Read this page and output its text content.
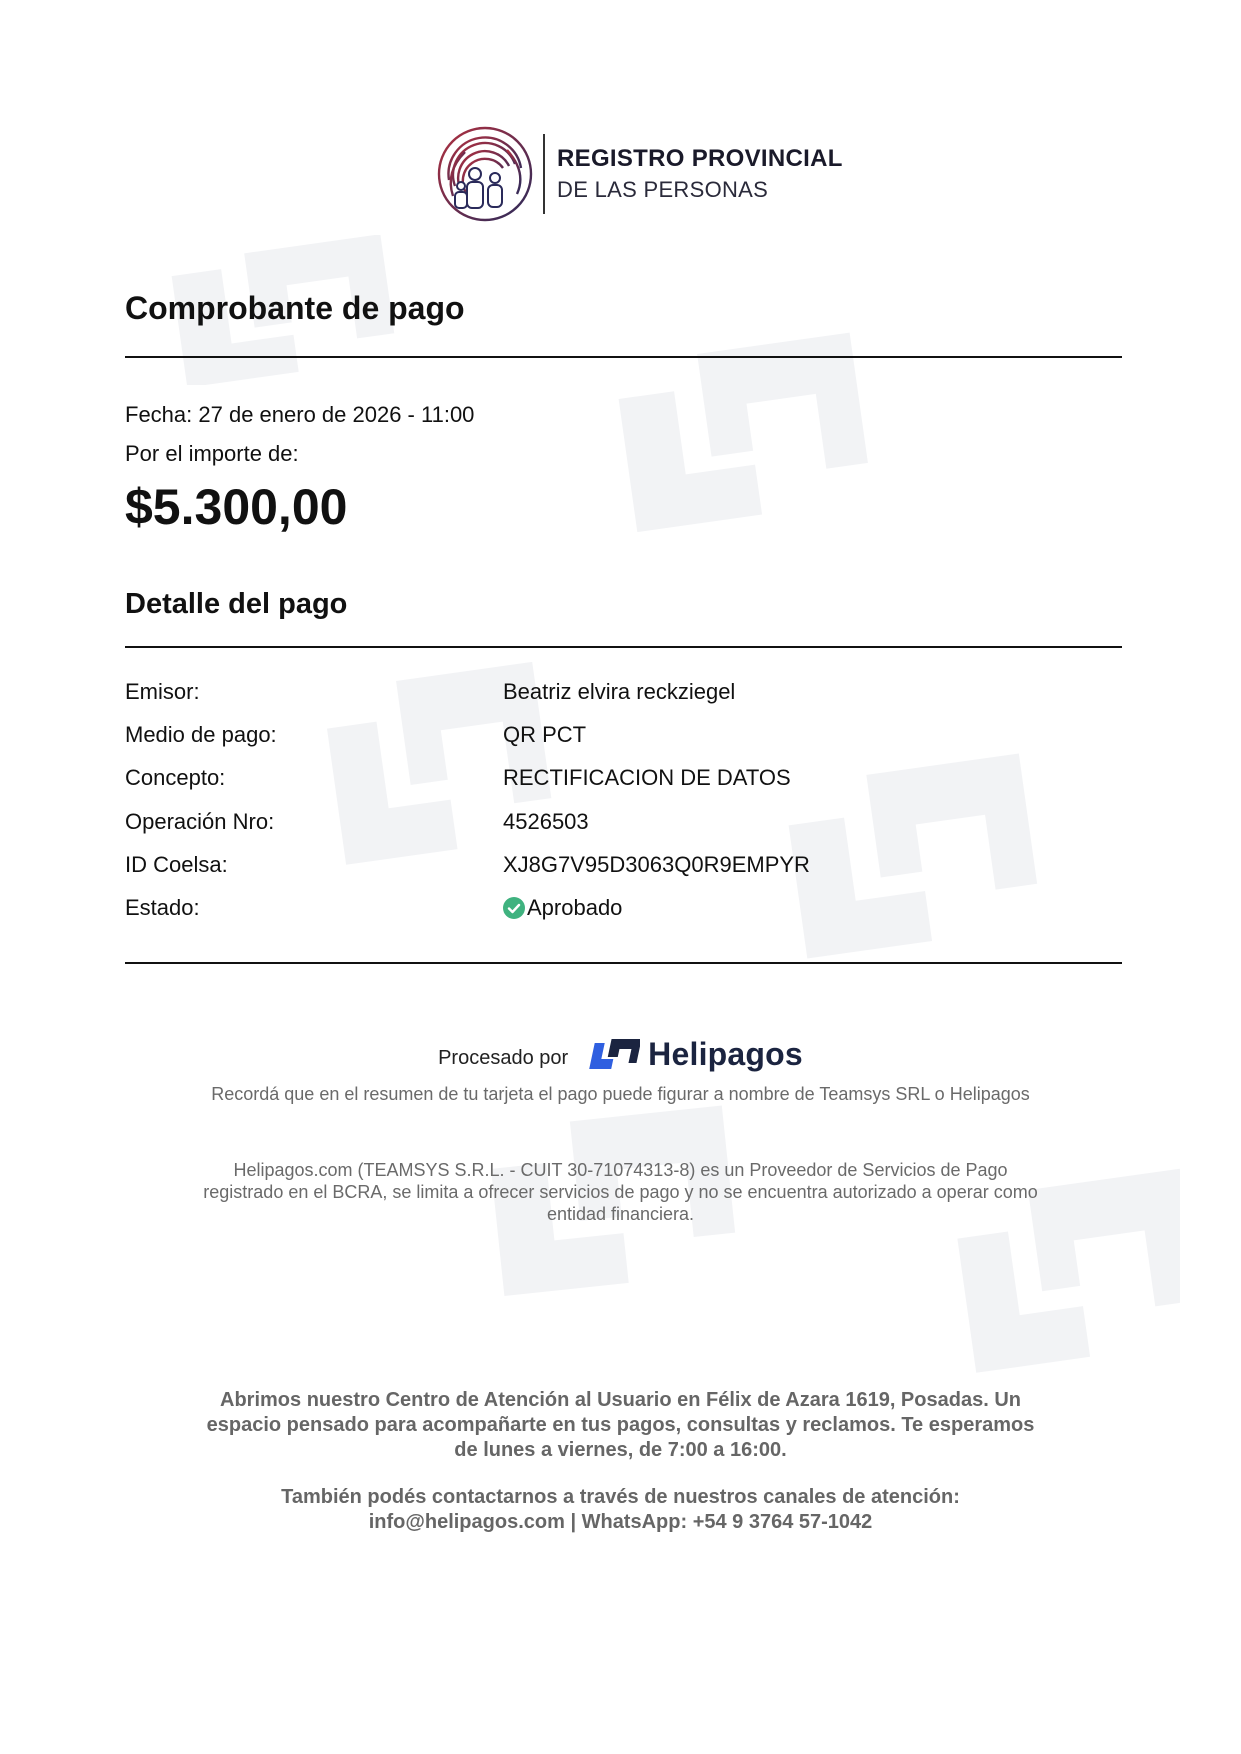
REGISTRO PROVINCIAL
DE LAS PERSONAS
Comprobante de pago
Fecha: 27 de enero de 2026 - 11:00
Por el importe de:
$5.300,00
Detalle del pago
Emisor:	Beatriz elvira reckziegel
Medio de pago:	QR PCT
Concepto:	RECTIFICACION DE DATOS
Operación Nro:	4526503
ID Coelsa:	XJ8G7V95D3063Q0R9EMPYR
Estado:	Aprobado
Procesado por	Helipagos
Recordá que en el resumen de tu tarjeta el pago puede figurar a nombre de Teamsys SRL o Helipagos
Helipagos.com (TEAMSYS S.R.L. - CUIT 30-71074313-8) es un Proveedor de Servicios de Pago registrado en el BCRA, se limita a ofrecer servicios de pago y no se encuentra autorizado a operar como entidad financiera.
Abrimos nuestro Centro de Atención al Usuario en Félix de Azara 1619, Posadas. Un espacio pensado para acompañarte en tus pagos, consultas y reclamos. Te esperamos de lunes a viernes, de 7:00 a 16:00.
También podés contactarnos a través de nuestros canales de atención: info@helipagos.com | WhatsApp: +54 9 3764 57-1042
